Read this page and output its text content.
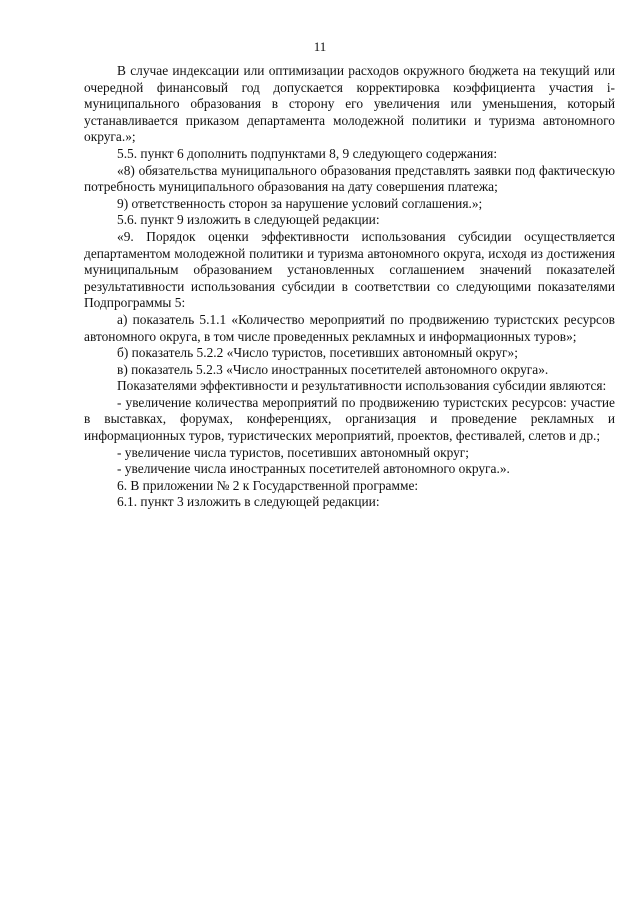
11

В случае индексации или оптимизации расходов окружного бюджета на текущий или очередной финансовый год допускается корректировка коэффициента участия i-муниципального образования в сторону его увеличения или уменьшения, который устанавливается приказом департамента молодежной политики и туризма автономного округа.»;

5.5. пункт 6 дополнить подпунктами 8, 9 следующего содержания:

«8) обязательства муниципального образования представлять заявки под фактическую потребность муниципального образования на дату совершения платежа;

9) ответственность сторон за нарушение условий соглашения.»;

5.6. пункт 9 изложить в следующей редакции:

«9. Порядок оценки эффективности использования субсидии осуществляется департаментом молодежной политики и туризма автономного округа, исходя из достижения муниципальным образованием установленных соглашением значений показателей результативности использования субсидии в соответствии со следующими показателями Подпрограммы 5:

а) показатель 5.1.1 «Количество мероприятий по продвижению туристских ресурсов автономного округа, в том числе проведенных рекламных и информационных туров»;

б) показатель 5.2.2 «Число туристов, посетивших автономный округ»;

в) показатель 5.2.3 «Число иностранных посетителей автономного округа».

Показателями эффективности и результативности использования субсидии являются:

- увеличение количества мероприятий по продвижению туристских ресурсов: участие в выставках, форумах, конференциях, организация и проведение рекламных и информационных туров, туристических мероприятий, проектов, фестивалей, слетов и др.;

- увеличение числа туристов, посетивших автономный округ;

- увеличение числа иностранных посетителей автономного округа.».

6. В приложении № 2 к Государственной программе:

6.1. пункт 3 изложить в следующей редакции:
